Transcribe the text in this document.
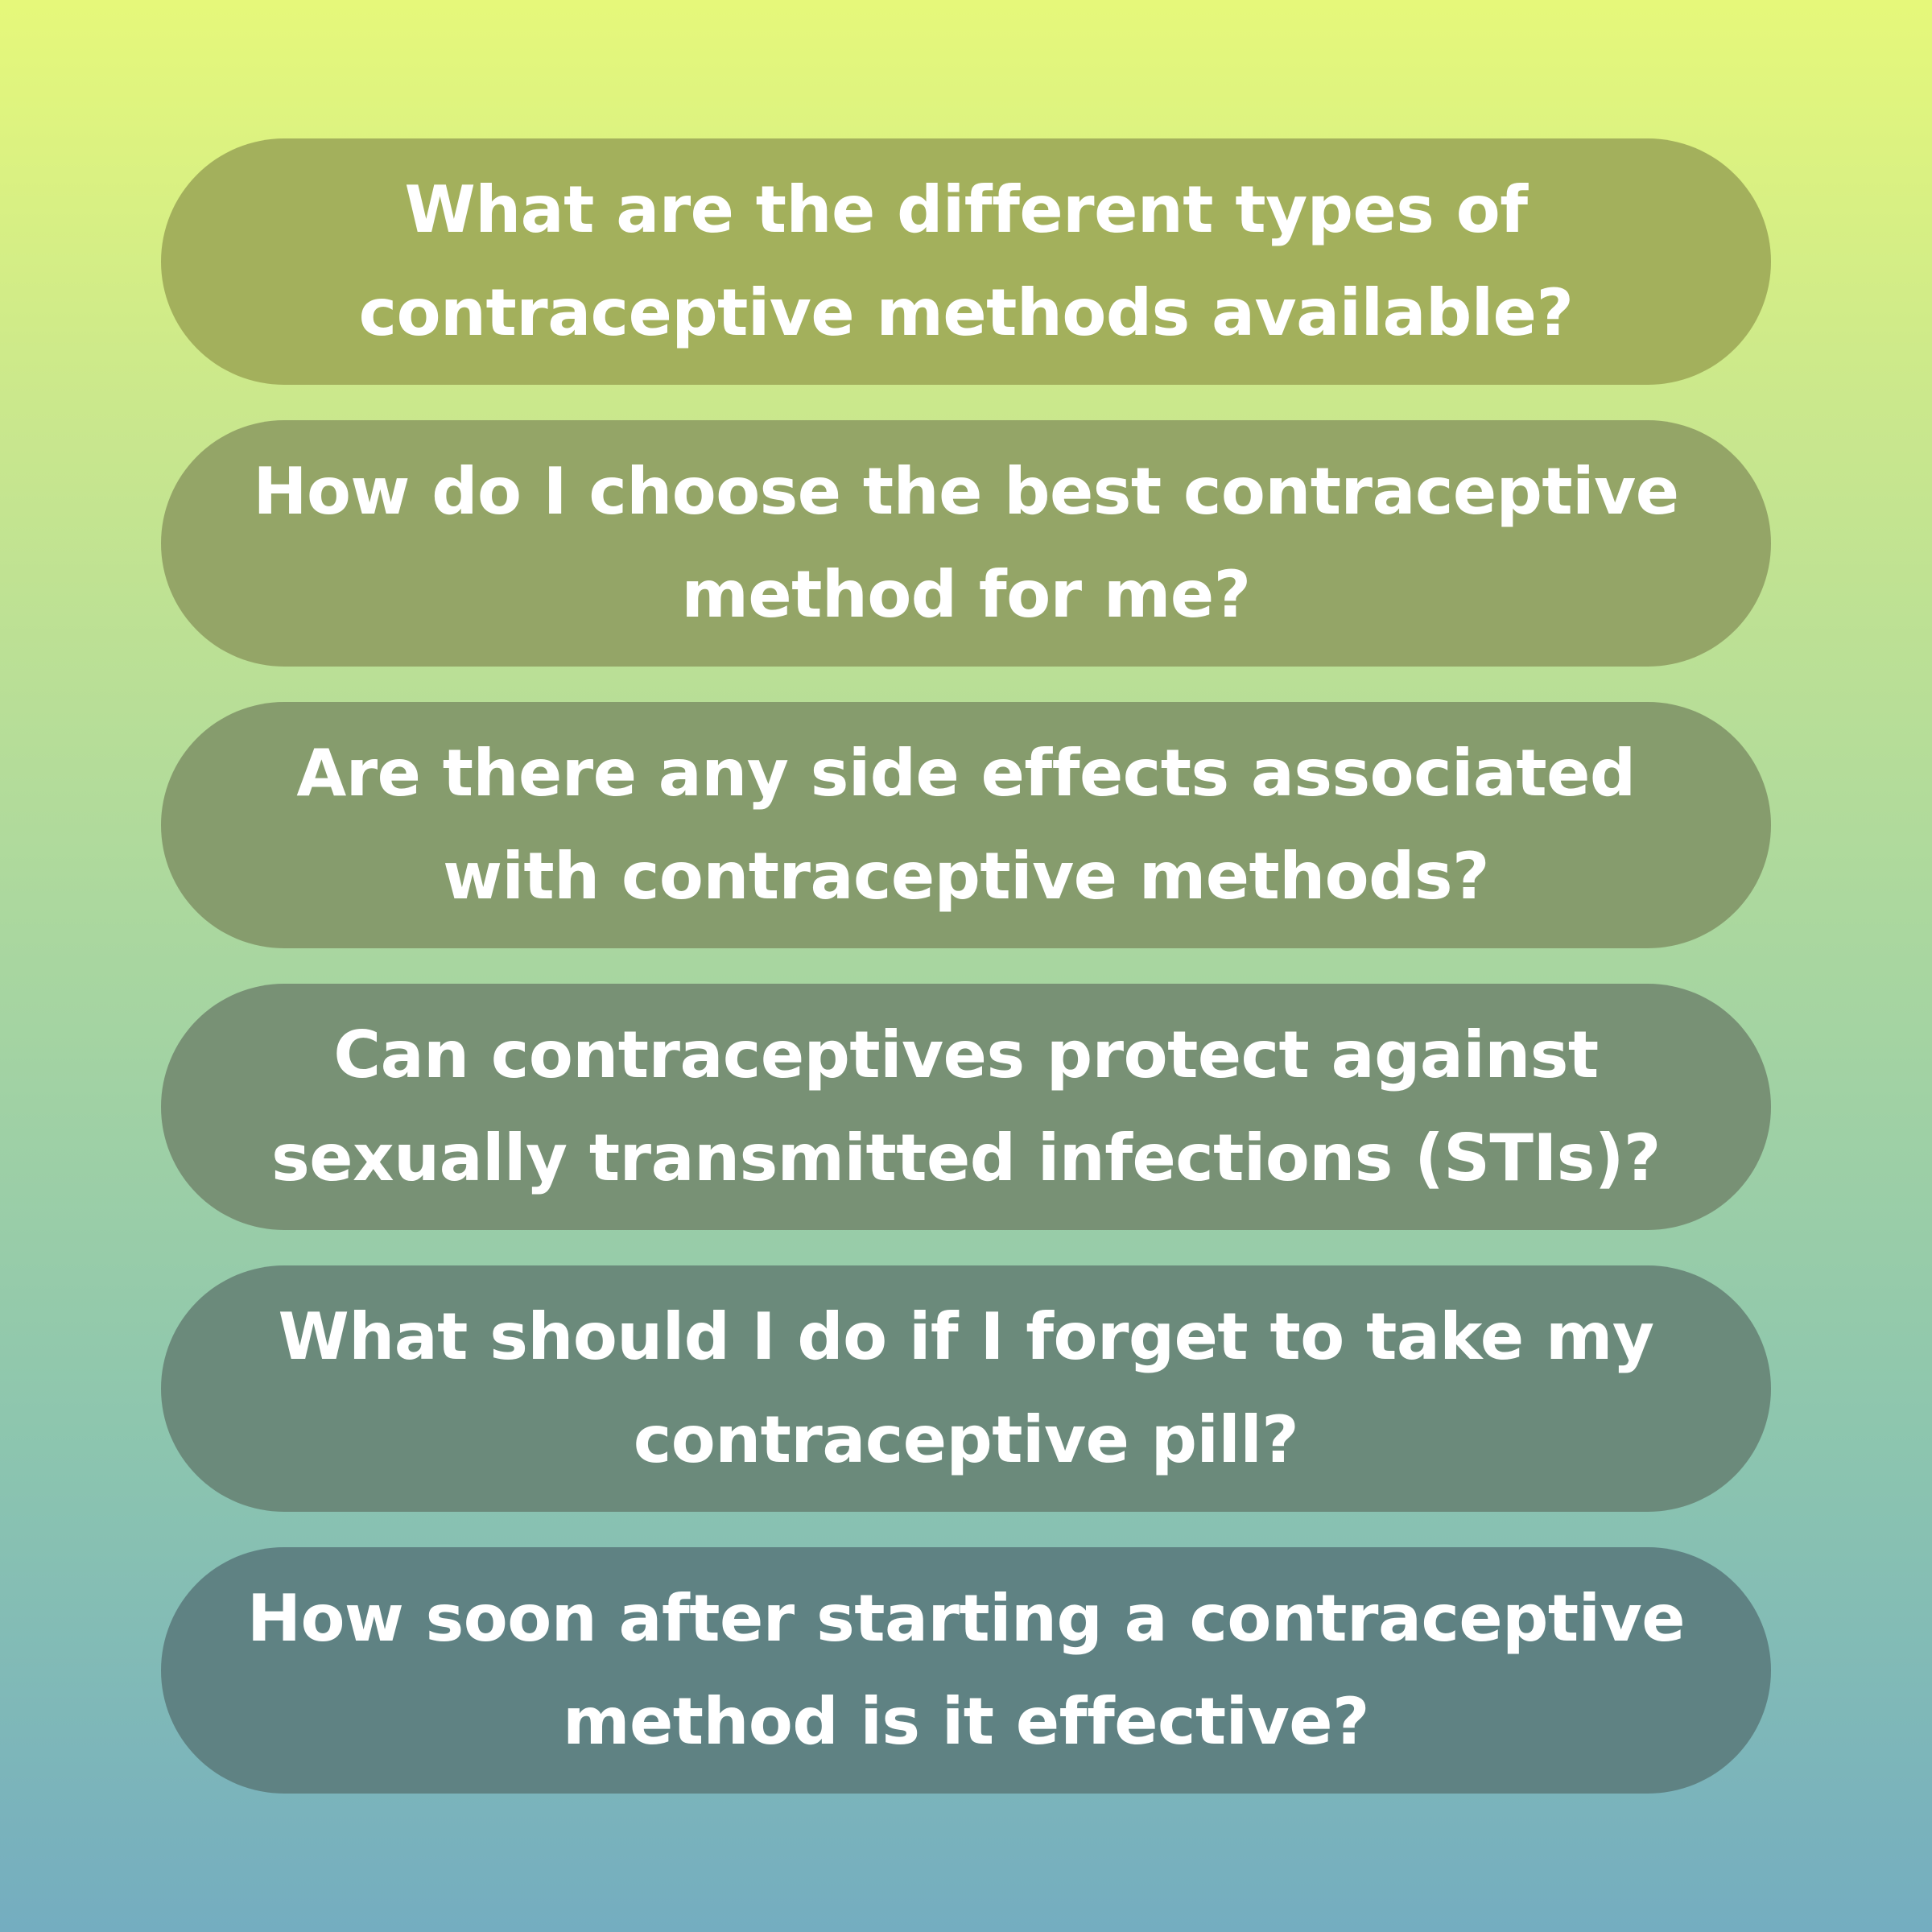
What are the different types of
contraceptive methods available?
How do I choose the best contraceptive
method for me?
Are there any side effects associated
with contraceptive methods?
Can contraceptives protect against
sexually transmitted infections (STIs)?
What should I do if I forget to take my
contraceptive pill?
How soon after starting a contraceptive
method is it effective?
